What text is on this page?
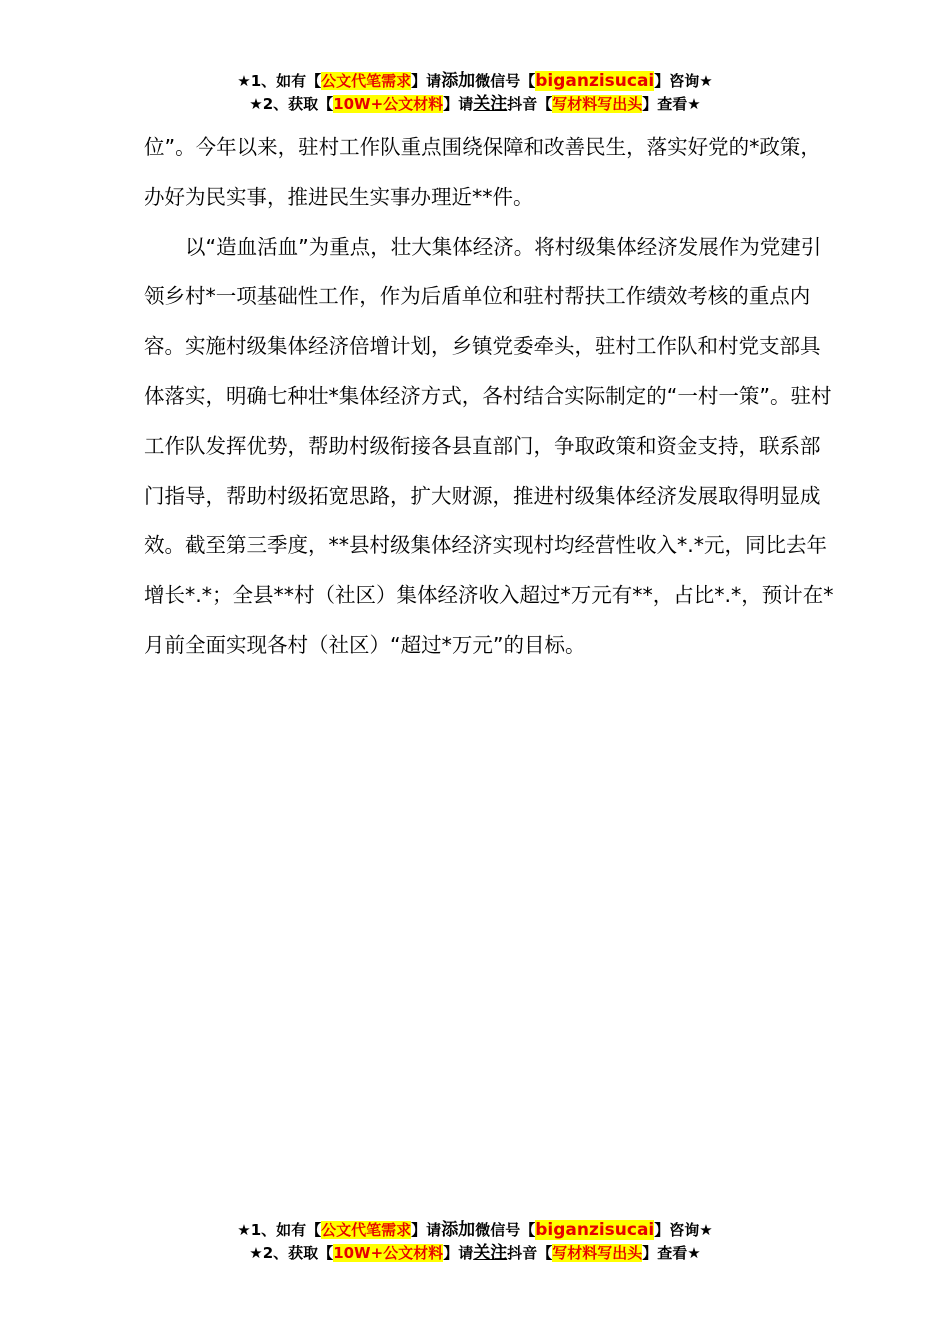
★1、如有【公文代笔需求】请添加微信号【biganzisucai】咨询★
★2、获取【10W+公文材料】请关注抖音【写材料写出头】查看★

位”。今年以来，驻村工作队重点围绕保障和改善民生，落实好党的*政策，办好为民实事，推进民生实事办理近**件。

以“造血活血”为重点，壮大集体经济。将村级集体经济发展作为党建引领乡村*一项基础性工作，作为后盾单位和驻村帮扶工作绩效考核的重点内容。实施村级集体经济倍增计划，乡镇党委牵头，驻村工作队和村党支部具体落实，明确七种壮*集体经济方式，各村结合实际制定的“一村一策”。驻村工作队发挥优势，帮助村级衔接各县直部门，争取政策和资金支持，联系部门指导，帮助村级拓宽思路，扩大财源，推进村级集体经济发展取得明显成效。截至第三季度，**县村级集体经济实现村均经营性收入*.*元，同比去年增长*.*；全县**村（社区）集体经济收入超过*万元有**，占比*.*，预计在*月前全面实现各村（社区）“超过*万元”的目标。

★1、如有【公文代笔需求】请添加微信号【biganzisucai】咨询★
★2、获取【10W+公文材料】请关注抖音【写材料写出头】查看★
